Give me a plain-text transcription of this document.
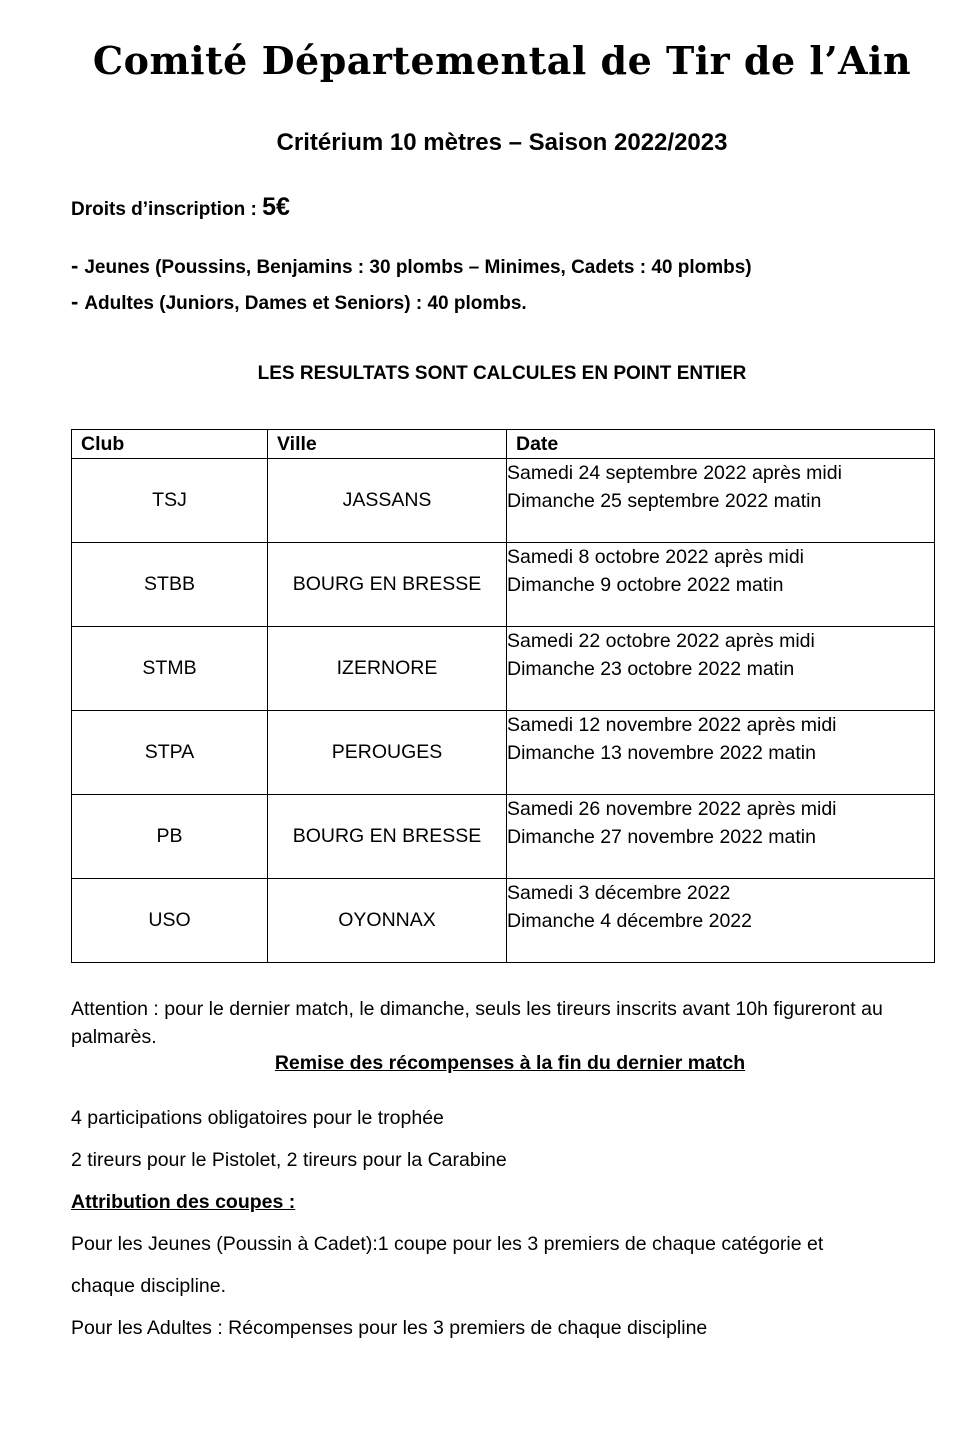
Comité Départemental de Tir de l’Ain
Critérium 10 mètres – Saison 2022/2023
Droits d’inscription : 5€
- Jeunes (Poussins, Benjamins : 30 plombs – Minimes, Cadets : 40 plombs)
- Adultes (Juniors, Dames et Seniors) : 40 plombs.
LES RESULTATS SONT CALCULES EN POINT ENTIER
Club	Ville	Date
TSJ	JASSANS	Samedi 24 septembre 2022 après midi
Dimanche 25 septembre 2022 matin

STBB	BOURG EN BRESSE	Samedi 8 octobre 2022 après midi
Dimanche 9 octobre 2022 matin

STMB	IZERNORE	Samedi 22 octobre 2022 après midi
Dimanche 23 octobre 2022 matin

STPA	PEROUGES	Samedi 12 novembre 2022 après midi
Dimanche 13 novembre 2022 matin

PB	BOURG EN BRESSE	Samedi 26 novembre 2022 après midi
Dimanche 27 novembre 2022 matin

USO	OYONNAX	Samedi 3 décembre 2022
Dimanche 4 décembre 2022
Attention : pour le dernier match, le dimanche, seuls les tireurs inscrits avant 10h figureront au palmarès.
Remise des récompenses à la fin du dernier match
4 participations obligatoires pour le trophée
2 tireurs pour le Pistolet, 2 tireurs pour la Carabine
Attribution des coupes :
Pour les Jeunes (Poussin à Cadet):1 coupe pour les 3 premiers de chaque catégorie et
chaque discipline.
Pour les Adultes : Récompenses pour les 3 premiers de chaque discipline
